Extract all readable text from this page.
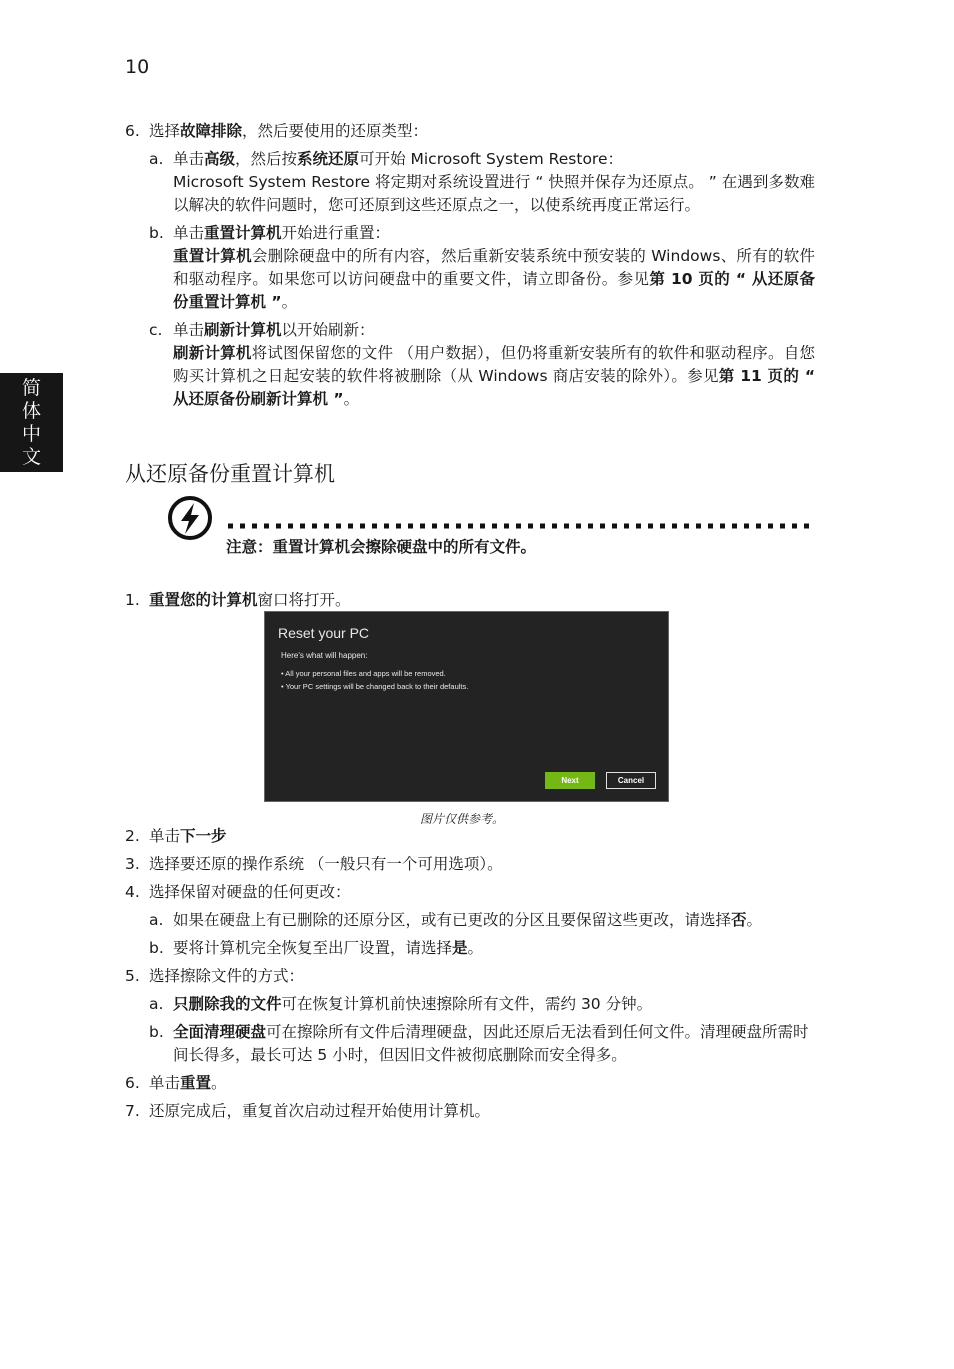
10
简
体
中
文
6. 选择故障排除，然后要使用的还原类型：
a. 单击高级，然后按系统还原可开始 Microsoft System Restore：
Microsoft System Restore 将定期对系统设置进行 “ 快照并保存为还原点。 ” 在遇到多数难以解决的软件问题时，您可还原到这些还原点之一，以使系统再度正常运行。
b. 单击重置计算机开始进行重置：
重置计算机会删除硬盘中的所有内容，然后重新安装系统中预安装的 Windows、所有的软件和驱动程序。如果您可以访问硬盘中的重要文件，请立即备份。参见第 10 页的 “ 从还原备份重置计算机 ”。
c. 单击刷新计算机以开始刷新：
刷新计算机将试图保留您的文件 （用户数据），但仍将重新安装所有的软件和驱动程序。自您购买计算机之日起安装的软件将被删除（从 Windows 商店安装的除外）。参见第 11 页的 “ 从还原备份刷新计算机 ”。
从还原备份重置计算机
注意：重置计算机会擦除硬盘中的所有文件。
1. 重置您的计算机窗口将打开。
Reset your PC
Here's what will happen:
• All your personal files and apps will be removed.
• Your PC settings will be changed back to their defaults.
Next	Cancel
图片仅供参考。
2. 单击下一步
3. 选择要还原的操作系统 （一般只有一个可用选项）。
4. 选择保留对硬盘的任何更改：
a. 如果在硬盘上有已删除的还原分区，或有已更改的分区且要保留这些更改，请选择否。
b. 要将计算机完全恢复至出厂设置，请选择是。
5. 选择擦除文件的方式：
a. 只删除我的文件可在恢复计算机前快速擦除所有文件，需约 30 分钟。
b. 全面清理硬盘可在擦除所有文件后清理硬盘，因此还原后无法看到任何文件。清理硬盘所需时间长得多，最长可达 5 小时，但因旧文件被彻底删除而安全得多。
6. 单击重置。
7. 还原完成后，重复首次启动过程开始使用计算机。
